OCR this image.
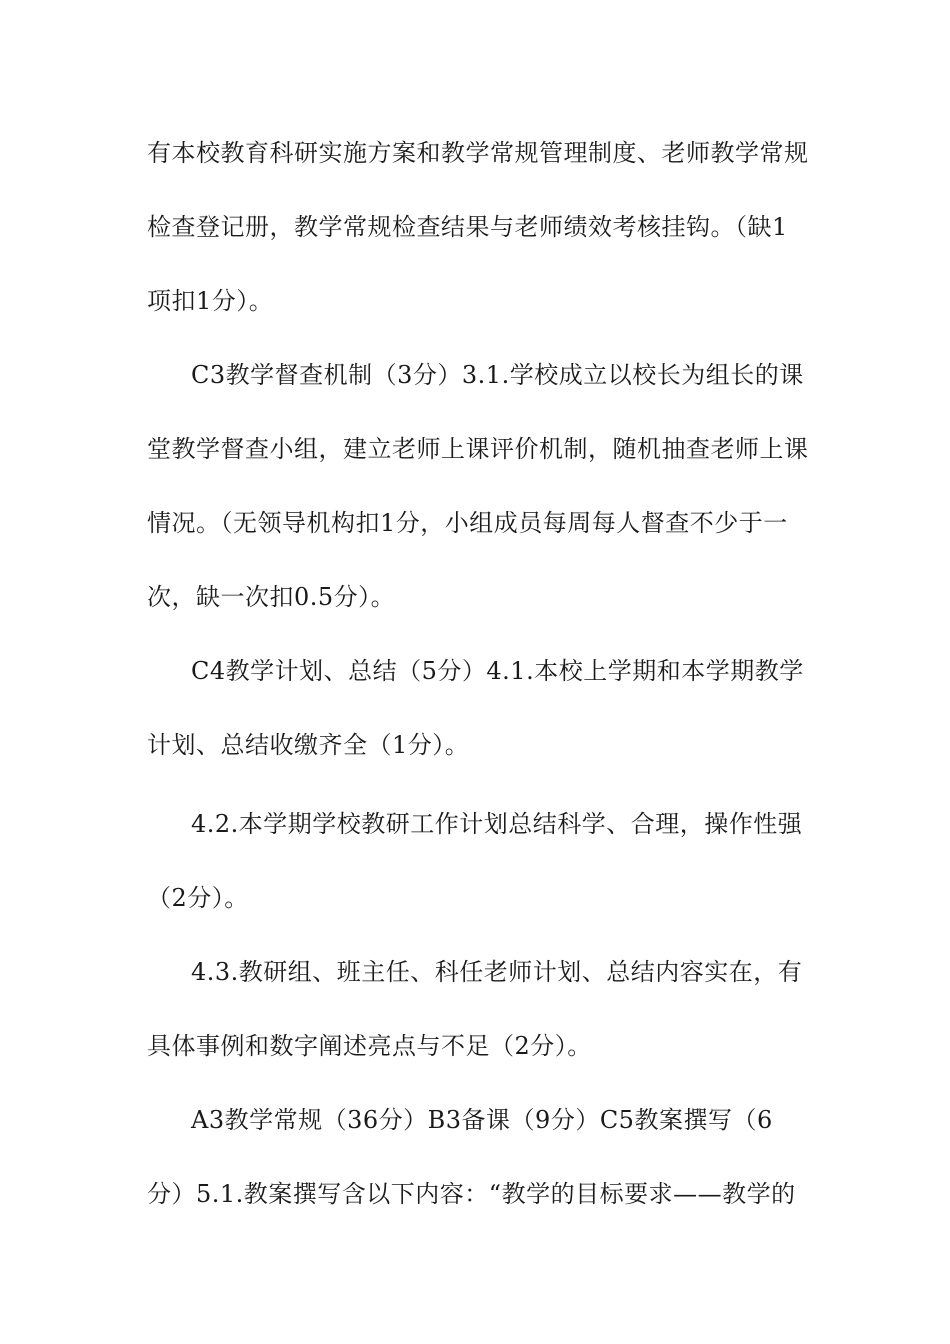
有本校教育科研实施方案和教学常规管理制度、老师教学常规

检查登记册，教学常规检查结果与老师绩效考核挂钩。（缺1

项扣1分）。

C3教学督查机制（3分）3.1.学校成立以校长为组长的课

堂教学督查小组，建立老师上课评价机制，随机抽查老师上课

情况。（无领导机构扣1分，小组成员每周每人督查不少于一

次，缺一次扣0.5分）。

C4教学计划、总结（5分）4.1.本校上学期和本学期教学

计划、总结收缴齐全（1分）。

4.2.本学期学校教研工作计划总结科学、合理，操作性强

（2分）。

4.3.教研组、班主任、科任老师计划、总结内容实在，有

具体事例和数字阐述亮点与不足（2分）。

A3教学常规（36分）B3备课（9分）C5教案撰写（6

分）5.1.教案撰写含以下内容：“教学的目标要求——教学的
